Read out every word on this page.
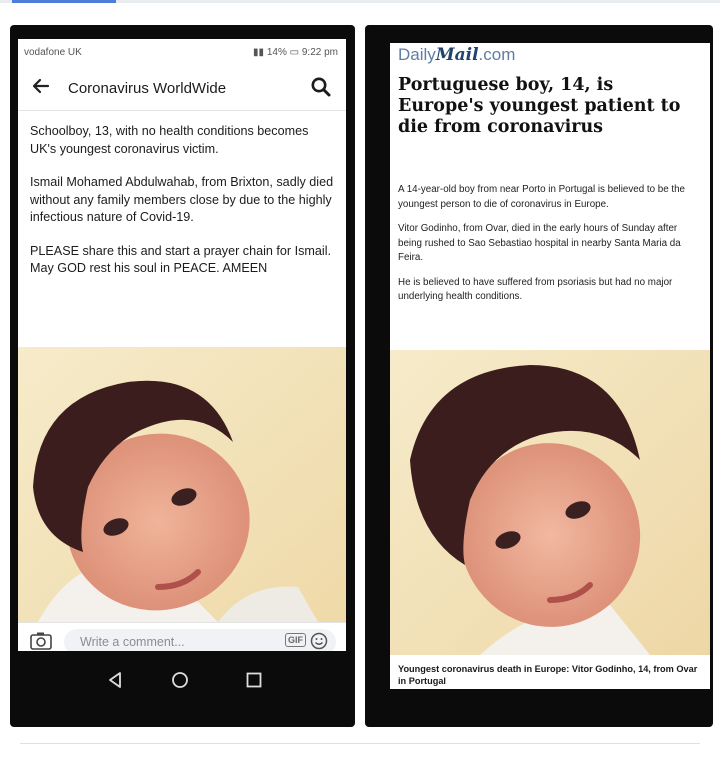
vodafone UK	▮▮ 14% ▭ 9:22 pm
Coronavirus WorldWide

Schoolboy, 13, with no health conditions becomes UK's youngest coronavirus victim.

Ismail Mohamed Abdulwahab, from Brixton, sadly died without any family members close by due to the highly infectious nature of Covid-19.

PLEASE share this and start a prayer chain for Ismail. May GOD rest his soul in PEACE. AMEEN

Write a comment...	GIF
DailyMail.com
Portuguese boy, 14, is Europe's youngest patient to die from coronavirus

A 14-year-old boy from near Porto in Portugal is believed to be the youngest person to die of coronavirus in Europe.

Vitor Godinho, from Ovar, died in the early hours of Sunday after being rushed to Sao Sebastiao hospital in nearby Santa Maria da Feira.

He is believed to have suffered from psoriasis but had no major underlying health conditions.

Youngest coronavirus death in Europe: Vitor Godinho, 14, from Ovar in Portugal
